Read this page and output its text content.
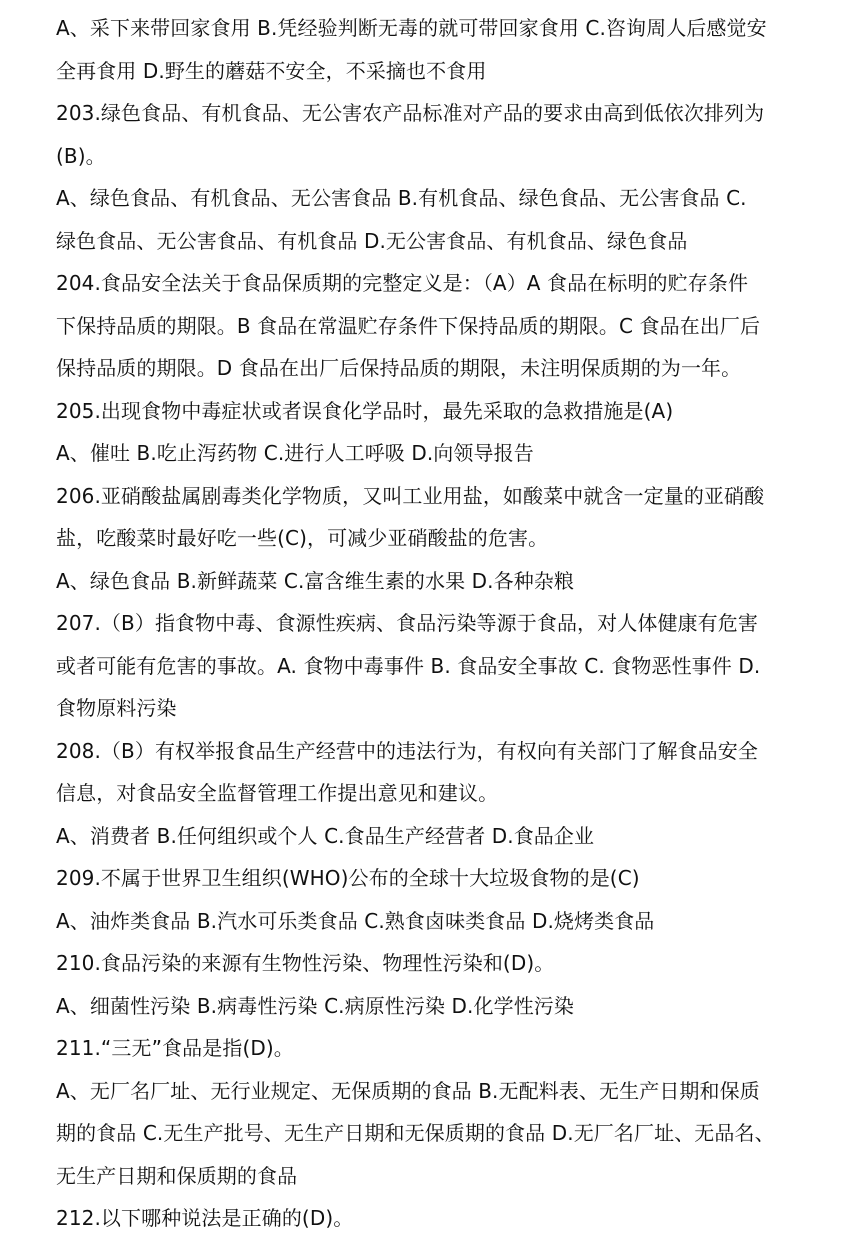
A、采下来带回家食用 B.凭经验判断无毒的就可带回家食用 C.咨询周人后感觉安
全再食用 D.野生的蘑菇不安全，不采摘也不食用
203.绿色食品、有机食品、无公害农产品标准对产品的要求由高到低依次排列为
(B)。
A、绿色食品、有机食品、无公害食品 B.有机食品、绿色食品、无公害食品 C.
绿色食品、无公害食品、有机食品 D.无公害食品、有机食品、绿色食品
204.食品安全法关于食品保质期的完整定义是：（A）A 食品在标明的贮存条件
下保持品质的期限。B 食品在常温贮存条件下保持品质的期限。C 食品在出厂后
保持品质的期限。D 食品在出厂后保持品质的期限，未注明保质期的为一年。
205.出现食物中毒症状或者误食化学品时，最先采取的急救措施是(A)
A、催吐 B.吃止泻药物 C.进行人工呼吸 D.向领导报告
206.亚硝酸盐属剧毒类化学物质，又叫工业用盐，如酸菜中就含一定量的亚硝酸
盐，吃酸菜时最好吃一些(C)，可减少亚硝酸盐的危害。
A、绿色食品 B.新鲜蔬菜 C.富含维生素的水果 D.各种杂粮
207.（B）指食物中毒、食源性疾病、食品污染等源于食品，对人体健康有危害
或者可能有危害的事故。A. 食物中毒事件 B. 食品安全事故 C. 食物恶性事件 D.
食物原料污染
208.（B）有权举报食品生产经营中的违法行为，有权向有关部门了解食品安全
信息，对食品安全监督管理工作提出意见和建议。
A、消费者 B.任何组织或个人 C.食品生产经营者 D.食品企业
209.不属于世界卫生组织(WHO)公布的全球十大垃圾食物的是(C)
A、油炸类食品 B.汽水可乐类食品 C.熟食卤味类食品 D.烧烤类食品
210.食品污染的来源有生物性污染、物理性污染和(D)。
A、细菌性污染 B.病毒性污染 C.病原性污染 D.化学性污染
211.“三无”食品是指(D)。
A、无厂名厂址、无行业规定、无保质期的食品 B.无配料表、无生产日期和保质
期的食品 C.无生产批号、无生产日期和无保质期的食品 D.无厂名厂址、无品名、
无生产日期和保质期的食品
212.以下哪种说法是正确的(D)。
